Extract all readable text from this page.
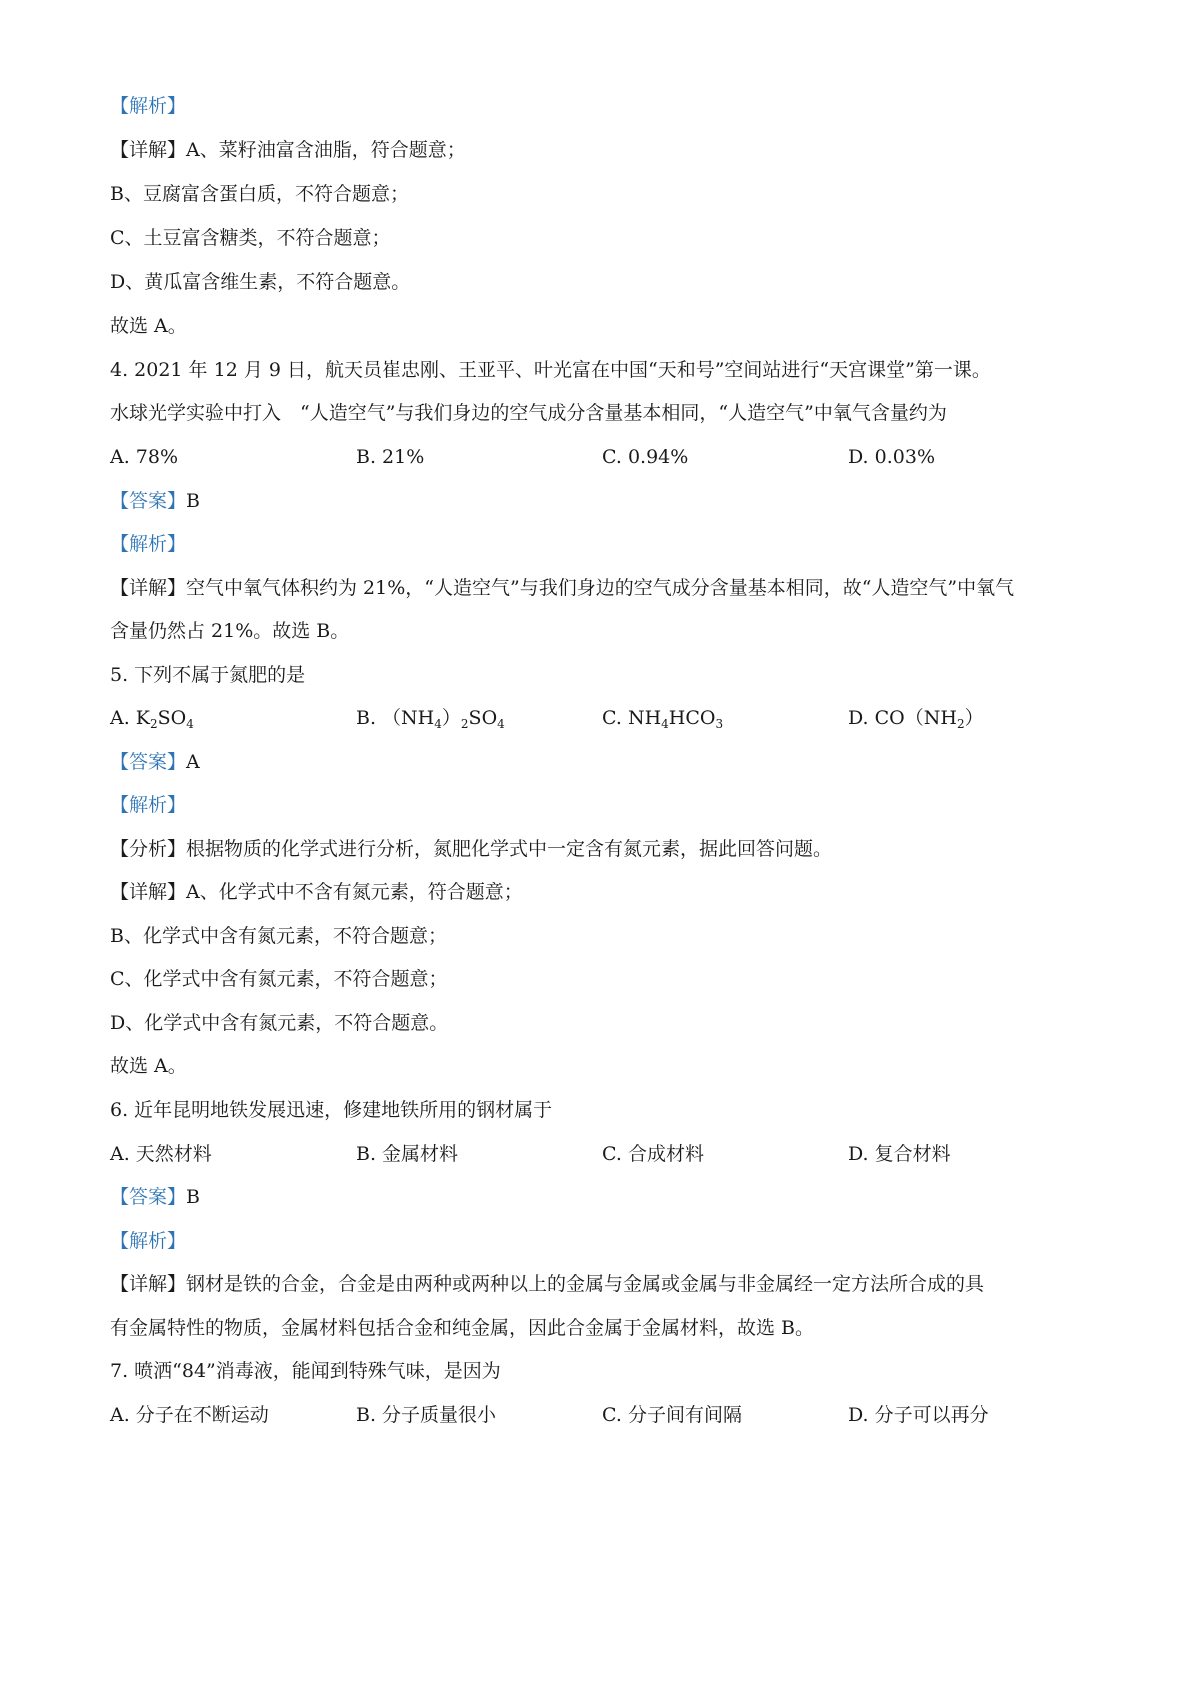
【解析】
【详解】A、菜籽油富含油脂，符合题意；
B、豆腐富含蛋白质，不符合题意；
C、土豆富含糖类，不符合题意；
D、黄瓜富含维生素，不符合题意。
故选 A。
4. 2021 年 12 月 9 日，航天员崔忠刚、王亚平、叶光富在中国“天和号”空间站进行“天宫课堂”第一课。
水球光学实验中打入　“人造空气”与我们身边的空气成分含量基本相同，“人造空气”中氧气含量约为
A. 78%	B. 21%	C. 0.94%	D. 0.03%
【答案】B
【解析】
【详解】空气中氧气体积约为 21%，“人造空气”与我们身边的空气成分含量基本相同，故“人造空气”中氧气
含量仍然占 21%。故选 B。
5. 下列不属于氮肥的是
A. $K_2SO_4$	B. $(NH_4)_2SO_4$	C. $NH_4HCO_3$	D. $CO(NH_2)$
【答案】A
【解析】
【分析】根据物质的化学式进行分析，氮肥化学式中一定含有氮元素，据此回答问题。
【详解】A、化学式中不含有氮元素，符合题意；
B、化学式中含有氮元素，不符合题意；
C、化学式中含有氮元素，不符合题意；
D、化学式中含有氮元素，不符合题意。
故选 A。
6. 近年昆明地铁发展迅速，修建地铁所用的钢材属于
A. 天然材料	B. 金属材料	C. 合成材料	D. 复合材料
【答案】B
【解析】
【详解】钢材是铁的合金，合金是由两种或两种以上的金属与金属或金属与非金属经一定方法所合成的具
有金属特性的物质，金属材料包括合金和纯金属，因此合金属于金属材料，故选 B。
7. 喷洒“84”消毒液，能闻到特殊气味，是因为
A. 分子在不断运动	B. 分子质量很小	C. 分子间有间隔	D. 分子可以再分
